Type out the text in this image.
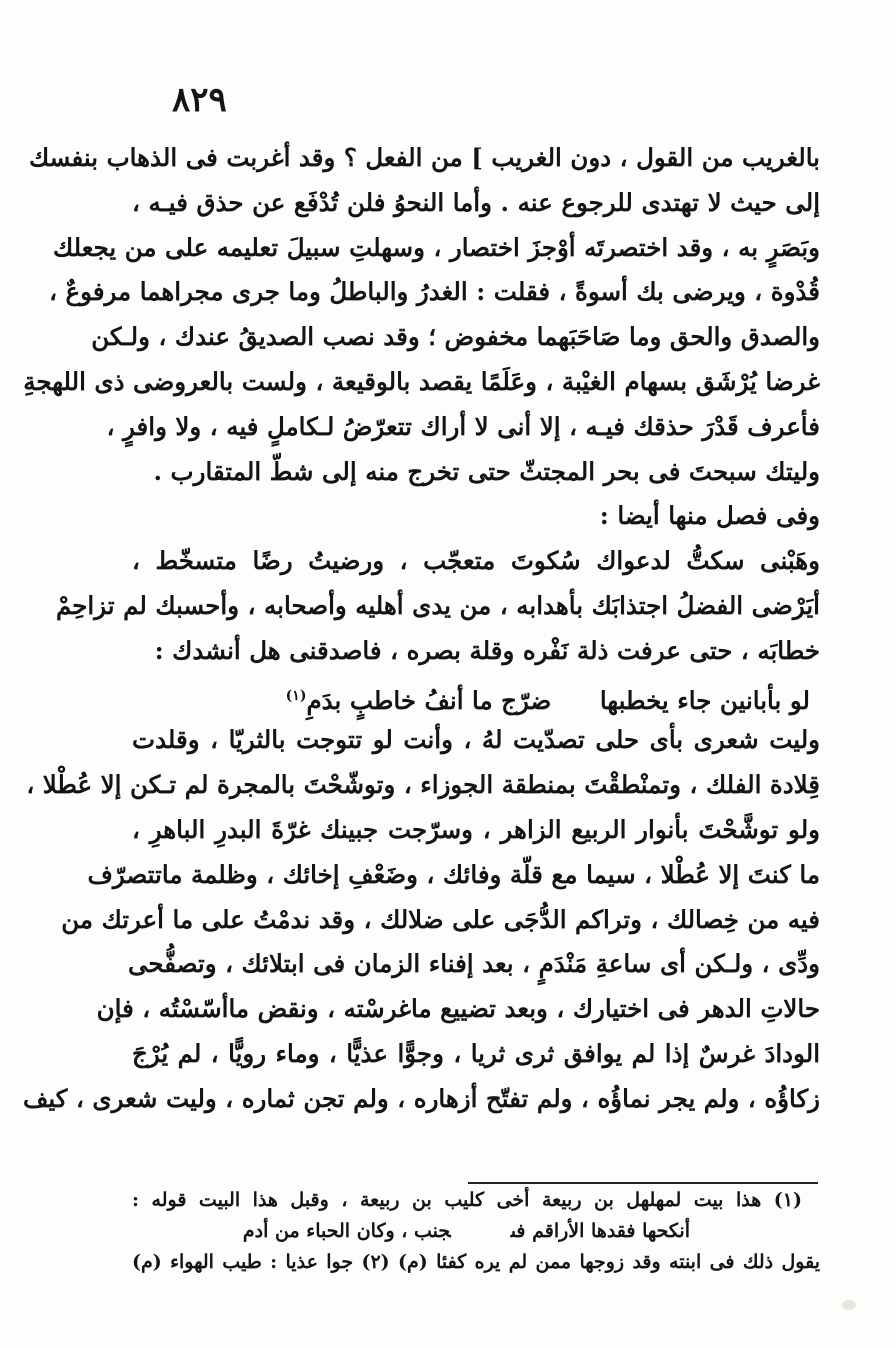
٨٢٩
بالغريب من القول ، دون الغريب ] من الفعل ؟ وقد أغربت فى الذهاب بنفسك
إلى حيث لا تهتدى للرجوع عنه . وأما النحوُ فلن تُدْفَع عن حذق فيـه ،
وبَصَرٍ به ، وقد اختصرتَه أوْجزَ اختصار ، وسهلتِ سبيلَ تعليمه على من يجعلك
قُدْوة ، ويرضى بك أسوةً ، فقلت : الغدرُ والباطلُ وما جرى مجراهما مرفوعٌ ،
والصدق والحق وما صَاحَبَهما مخفوض ؛ وقد نصب الصديقُ عندك ، ولـكن
غرضا يُرْشَق بسهام الغيْبة ، وعَلَمًا يقصد بالوقيعة ، ولست بالعروضى ذى اللهجةِ
فأعرف قَدْرَ حذقك فيـه ، إلا أنى لا أراك تتعرّضُ لـكاملٍ فيه ، ولا وافرٍ ،
وليتك سبحتَ فى بحر المجتثّ حتى تخرج منه إلى شطّ المتقارب .
وفى فصل منها أيضا :
وهَبْنى سكتُّ لدعواك سُكوتَ متعجّب ، ورضيتُ رضًا متسخّط ،
أيَرْضى الفضلُ اجتذابَك بأهدابه ، من يدى أهليه وأصحابه ، وأحسبك لم تزاحِمْ
خطابَه ، حتى عرفت ذلة نَفْره وقلة بصره ، فاصدقنى هل أنشدك :
لو بأبانين جاء يخطبها ضرّج ما أنفُ خاطبٍ بدَمِ$^{(١)}$
وليت شعرى بأى حلى تصدّيت لهُ ، وأنت لو تتوجت بالثريّا ، وقلدت
قِلادة الفلك ، وتمنْطقْتَ بمنطقة الجوزاء ، وتوشّحْتَ بالمجرة لم تـكن إلا عُطْلا ،
ولو توشَّحْتَ بأنوار الربيع الزاهر ، وسرّجت جبينك غرّةَ البدرِ الباهرِ ،
ما كنتَ إلا عُطْلا ، سيما مع قلّة وفائك ، وضَعْفِ إخائك ، وظلمة ماتتصرّف
فيه من خِصالك ، وتراكم الدُّجَى على ضلالك ، وقد ندمْتُ على ما أعرتك من
ودِّى ، ولـكن أى ساعةِ مَنْدَمٍ ، بعد إفناء الزمان فى ابتلائك ، وتصفُّحى
حالاتِ الدهر فى اختيارك ، وبعد تضييع ماغرسْته ، ونقض ماأسّسْتُه ، فإن
الودادَ غرسٌ إذا لم يوافق ثرى ثريا ، وجوًّا عذيًّا ، وماء رويًّا ، لم يُرْجَ
زكاؤُه ، ولم يجر نماؤُه ، ولم تفتّح أزهاره ، ولم تجن ثماره ، وليت شعرى ، كيف
(١) هذا بيت لمهلهل بن ربيعة أخى كليب بن ربيعة ، وقبل هذا البيت قوله :
أنكحها فقدها الأراقم فىجنب ، وكان الحباء من أدم
يقول ذلك فى ابنته وقد زوجها ممن لم يره كفئا (م) (٢) جوا عذيا : طيب الهواء (م)
